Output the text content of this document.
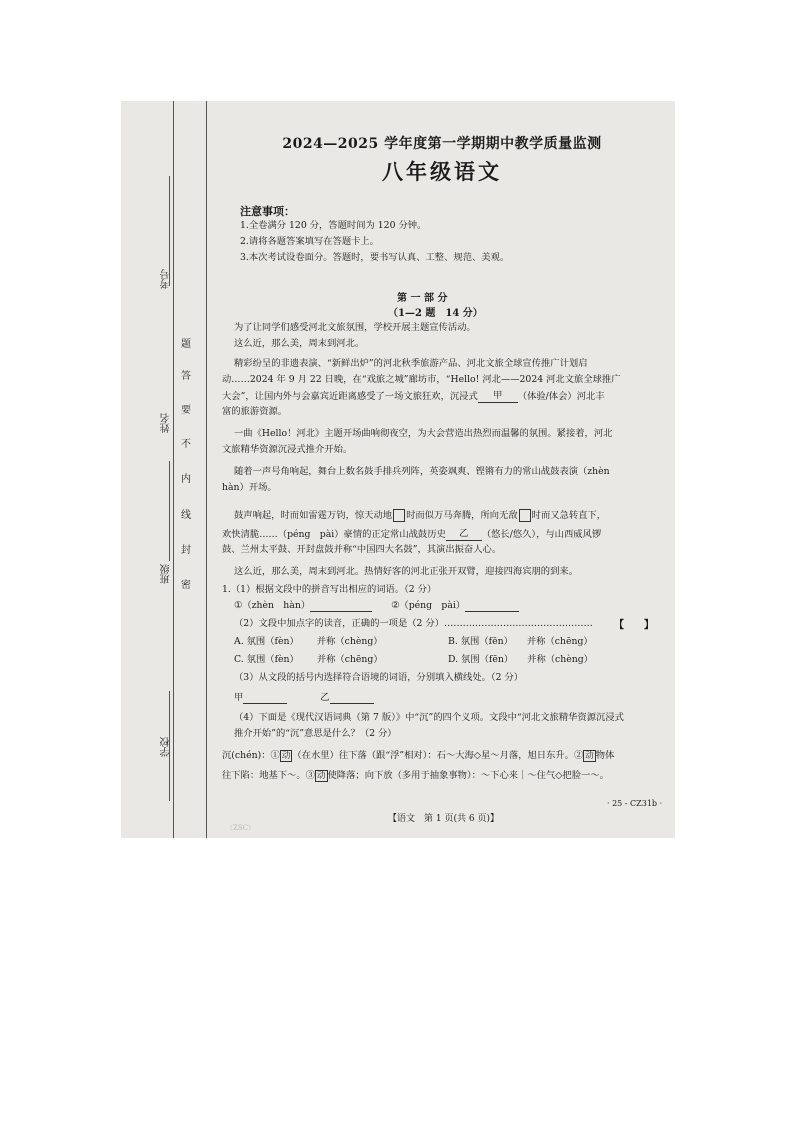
考号
姓名
班级
学校
题
答
要
不
内
线
封
密
2024—2025 学年度第一学期期中教学质量监测
八年级语文
注意事项：
1.全卷满分 120 分，答题时间为 120 分钟。
2.请将各题答案填写在答题卡上。
3.本次考试设卷面分。答题时，要书写认真、工整、规范、美观。
第 一 部 分
（1—2 题　14 分）
为了让同学们感受河北文旅氛围，学校开展主题宣传活动。
这么近，那么美，周末到河北。
精彩纷呈的非遗表演、“新鲜出炉”的河北秋季旅游产品、河北文旅全球宣传推广计划启
动……2024 年 9 月 22 日晚，在“戏旅之城”廊坊市，“Hello! 河北——2024 河北文旅全球推广
大会”，让国内外与会嘉宾近距离感受了一场文旅狂欢，沉浸式 甲 （体验/体会）河北丰
富的旅游资源。
一曲《Hello！河北》主题开场曲响彻夜空，为大会营造出热烈而温馨的氛围。紧接着，河北
文旅精华资源沉浸式推介开始。
随着一声号角响起，舞台上数名鼓手排兵列阵，英姿飒爽、铿锵有力的常山战鼓表演（zhèn
hàn）开场。
鼓声响起，时而如雷霆万钧，惊天动地 时而似万马奔腾，所向无敌 时而又急转直下，
欢快清脆……（péng　pài）豪情的正定常山战鼓历史 乙 （悠长/悠久），与山西威风锣
鼓、兰州太平鼓、开封盘鼓并称“中国四大名鼓”，其演出振奋人心。
这么近，那么美，周末到河北。热情好客的河北正张开双臂，迎接四海宾朋的到来。
1.（1）根据文段中的拼音写出相应的词语。（2 分）
①（zhèn　hàn）	②（péng　pài）
（2）文段中加点字的读音，正确的一项是（2 分）………………………………………… 【　　】
A. 氛围（fèn） 并称（chèng）	B. 氛围（fēn） 并称（chēng）
C. 氛围（fèn） 并称（chēng）	D. 氛围（fēn） 并称（chèng）
（3）从文段的括号内选择符合语境的词语，分别填入横线处。（2 分）
甲	乙
（4）下面是《现代汉语词典（第 7 版）》中“沉”的四个义项。文段中“河北文旅精华资源沉浸式
推介开始”的“沉”意思是什么？（2 分）
沉(chén)：① 动 （在水里）往下落（跟“浮”相对）：石～大海◇星～月落，旭日东升。② 动 物体
往下陷：地基下～。③ 动 使降落；向下放（多用于抽象事物）：～下心来｜～住气◇把脸一～。
· 25 - CZ31b ·
【语文　第 1 页(共 6 页)】
（ZSC）
